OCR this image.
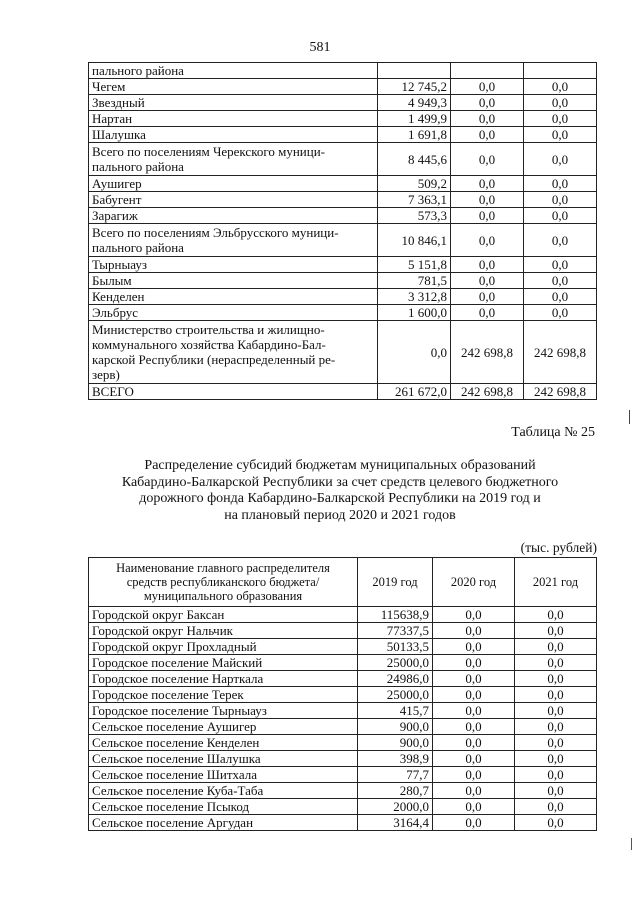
581
пального района			
Чегем	12 745,2	0,0	0,0
Звездный	4 949,3	0,0	0,0
Нартан	1 499,9	0,0	0,0
Шалушка	1 691,8	0,0	0,0
Всего по поселениям Черекского муници-
пального района	8 445,6	0,0	0,0
Аушигер	509,2	0,0	0,0
Бабугент	7 363,1	0,0	0,0
Зарагиж	573,3	0,0	0,0
Всего по поселениям Эльбрусского муници-
пального района	10 846,1	0,0	0,0
Тырныауз	5 151,8	0,0	0,0
Былым	781,5	0,0	0,0
Кенделен	3 312,8	0,0	0,0
Эльбрус	1 600,0	0,0	0,0
Министерство строительства и жилищно-
коммунального хозяйства Кабардино-Бал-
карской Республики (нераспределенный ре-
зерв)	0,0	242 698,8	242 698,8
ВСЕГО	261 672,0	242 698,8	242 698,8
Таблица № 25
Распределение субсидий бюджетам муниципальных образований
Кабардино-Балкарской Республики за счет средств целевого бюджетного
дорожного фонда Кабардино-Балкарской Республики на 2019 год и
на плановый период 2020 и 2021 годов
(тыс. рублей)
Наименование главного распределителя
средств республиканского бюджета/
муниципального образования	2019 год	2020 год	2021 год
Городской округ Баксан	115638,9	0,0	0,0
Городской округ Нальчик	77337,5	0,0	0,0
Городской округ Прохладный	50133,5	0,0	0,0
Городское поселение Майский	25000,0	0,0	0,0
Городское поселение Нарткала	24986,0	0,0	0,0
Городское поселение Терек	25000,0	0,0	0,0
Городское поселение Тырныауз	415,7	0,0	0,0
Сельское поселение Аушигер	900,0	0,0	0,0
Сельское поселение Кенделен	900,0	0,0	0,0
Сельское поселение Шалушка	398,9	0,0	0,0
Сельское поселение Шитхала	77,7	0,0	0,0
Сельское поселение Куба-Таба	280,7	0,0	0,0
Сельское поселение Псыкод	2000,0	0,0	0,0
Сельское поселение Аргудан	3164,4	0,0	0,0
